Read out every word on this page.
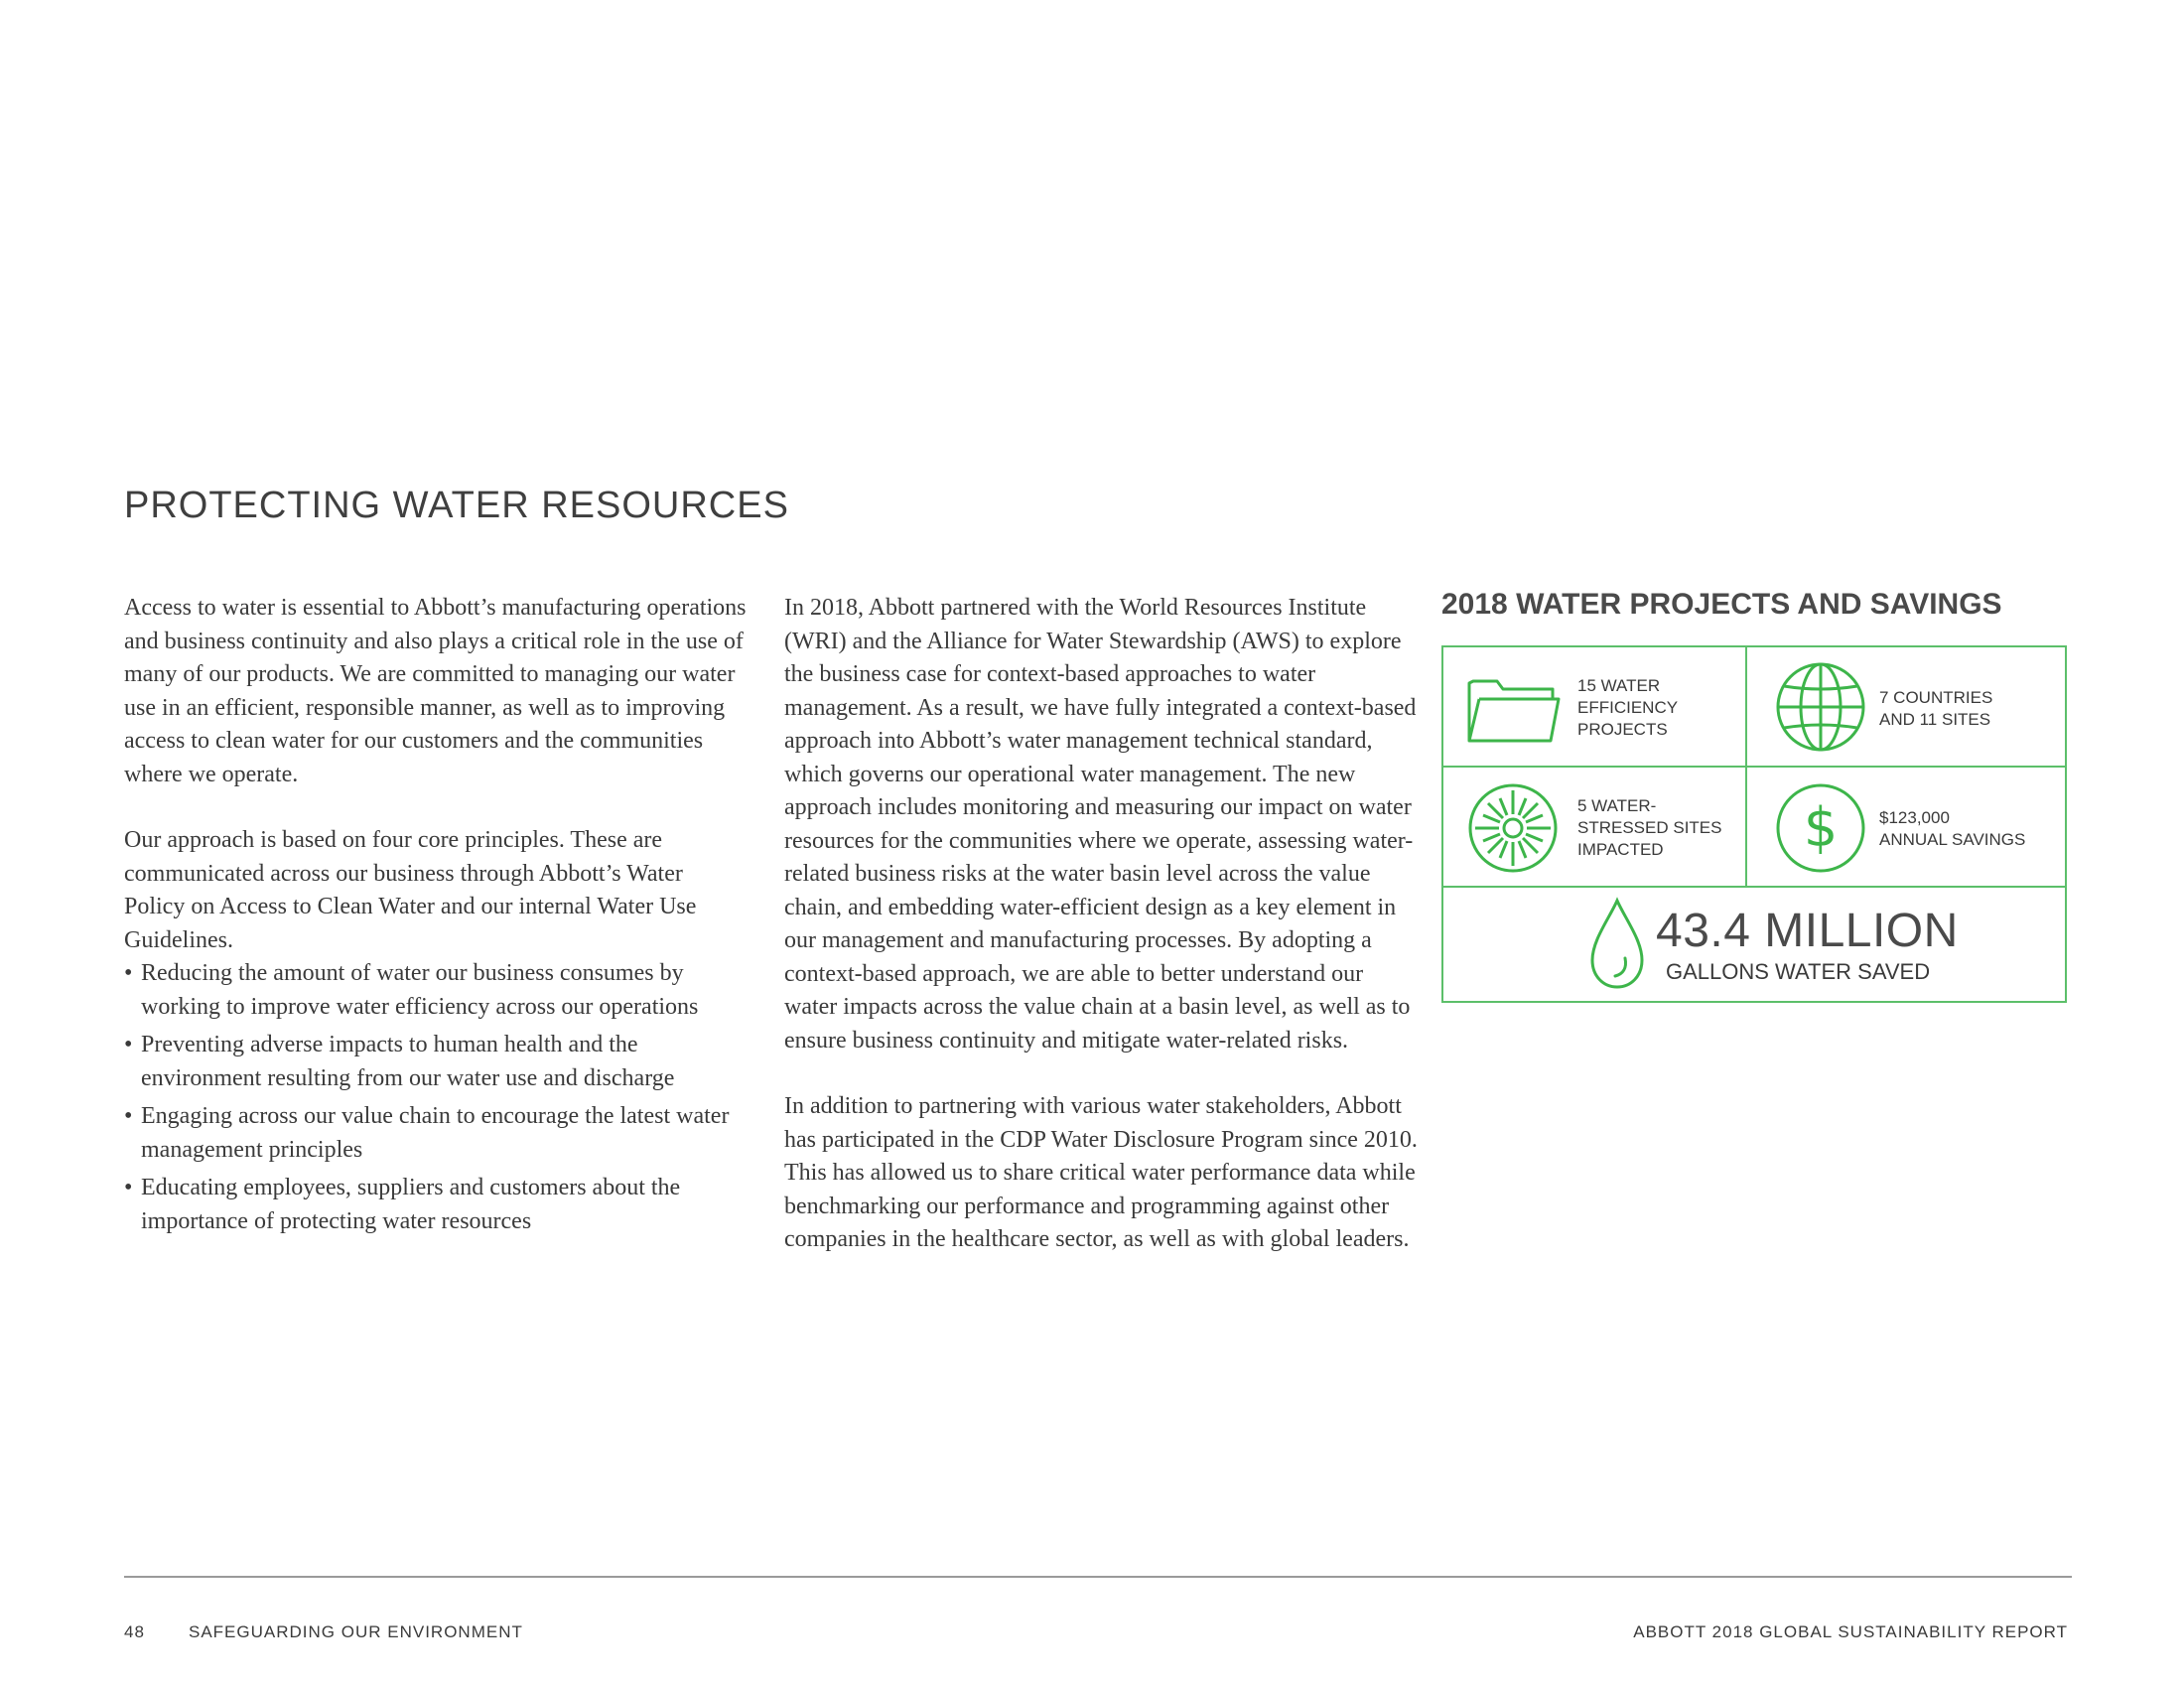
PROTECTING WATER RESOURCES

Access to water is essential to Abbott’s manufacturing operations and business continuity and also plays a critical role in the use of many of our products. We are committed to managing our water use in an efficient, responsible manner, as well as to improving access to clean water for our customers and the communities where we operate.

Our approach is based on four core principles. These are communicated across our business through Abbott’s Water Policy on Access to Clean Water and our internal Water Use Guidelines.

• Reducing the amount of water our business consumes by working to improve water efficiency across our operations
• Preventing adverse impacts to human health and the environment resulting from our water use and discharge
• Engaging across our value chain to encourage the latest water management principles
• Educating employees, suppliers and customers about the importance of protecting water resources

In 2018, Abbott partnered with the World Resources Institute (WRI) and the Alliance for Water Stewardship (AWS) to explore the business case for context-based approaches to water management. As a result, we have fully integrated a context-based approach into Abbott’s water management technical standard, which governs our operational water management. The new approach includes monitoring and measuring our impact on water resources for the communities where we operate, assessing water-related business risks at the water basin level across the value chain, and embedding water-efficient design as a key element in our management and manufacturing processes. By adopting a context-based approach, we are able to better understand our water impacts across the value chain at a basin level, as well as to ensure business continuity and mitigate water-related risks.

In addition to partnering with various water stakeholders, Abbott has participated in the CDP Water Disclosure Program since 2010. This has allowed us to share critical water performance data while benchmarking our performance and programming against other companies in the healthcare sector, as well as with global leaders.

2018 WATER PROJECTS AND SAVINGS
15 WATER
EFFICIENCY
PROJECTS
7 COUNTRIES
AND 11 SITES
5 WATER-
STRESSED SITES
IMPACTED	$ $123,000
ANNUAL SAVINGS
43.4 MILLION
GALLONS WATER SAVED
48	SAFEGUARDING OUR ENVIRONMENT	ABBOTT 2018 GLOBAL SUSTAINABILITY REPORT
